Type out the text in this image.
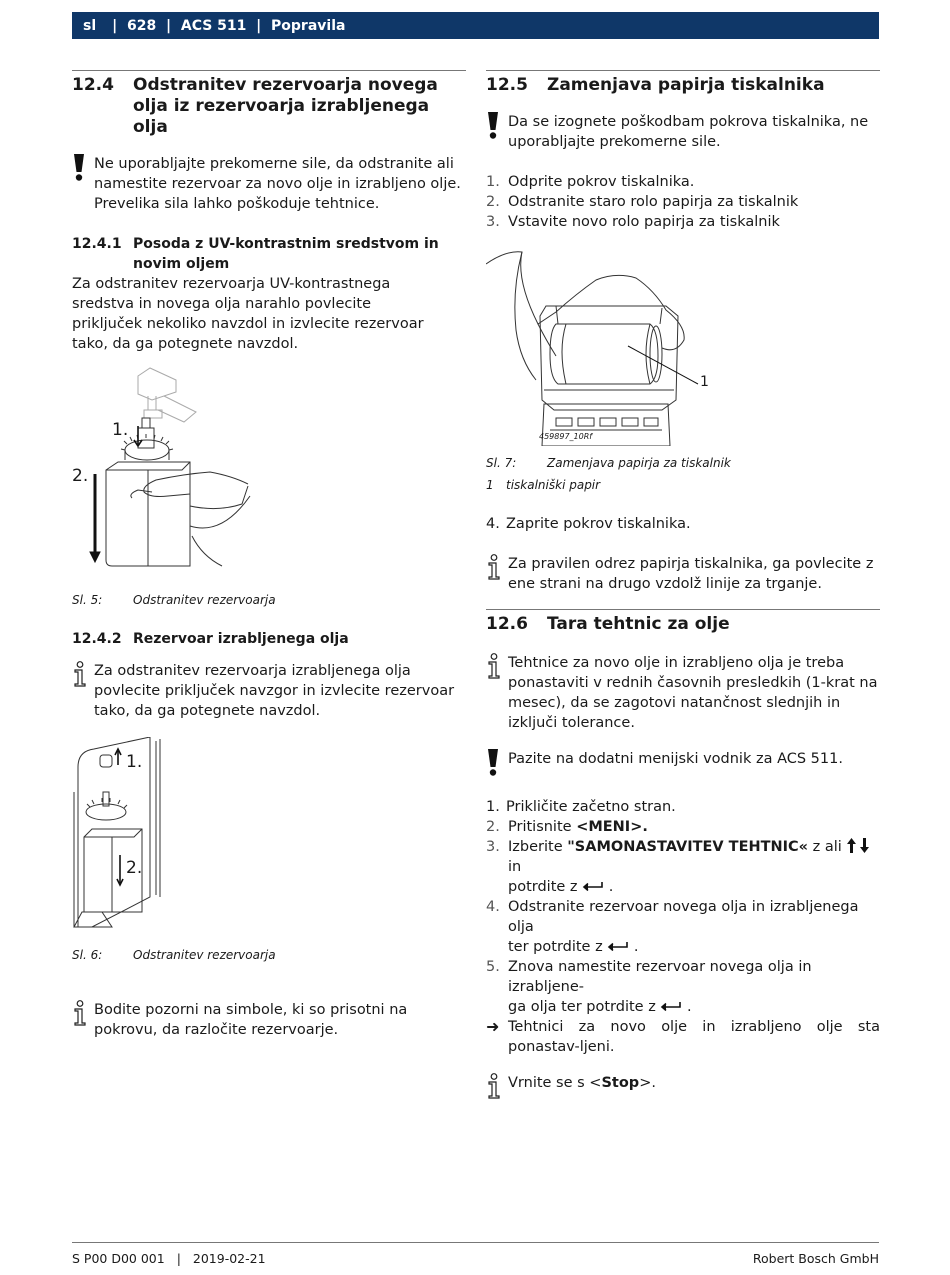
sl | 628 | ACS 511 | Popravila
12.4	Odstranitev rezervoarja novega olja iz rezervoarja izrabljenega olja
Ne uporabljajte prekomerne sile, da odstranite ali namestite rezervoar za novo olje in izrabljeno olje. Prevelika sila lahko poškoduje tehtnice.
12.4.1 Posoda z UV-kontrastnim sredstvom in novim oljem
Za odstranitev rezervoarja UV-kontrastnega sredstva in novega olja narahlo povlecite priključek nekoliko navzdol in izvlecite rezervoar tako, da ga potegnete navzdol.
1.
2.
Sl. 5:	Odstranitev rezervoarja
12.4.2 Rezervoar izrabljenega olja
Za odstranitev rezervoarja izrabljenega olja povlecite priključek navzgor in izvlecite rezervoar tako, da ga potegnete navzdol.
1.
2.
Sl. 6:	Odstranitev rezervoarja
Bodite pozorni na simbole, ki so prisotni na pokrovu, da razločite rezervoarje.
12.5	Zamenjava papirja tiskalnika
Da se izognete poškodbam pokrova tiskalnika, ne uporabljajte prekomerne sile.
1. Odprite pokrov tiskalnika.
2. Odstranite staro rolo papirja za tiskalnik
3. Vstavite novo rolo papirja za tiskalnik
1
459897_10Rf
Sl. 7:	Zamenjava papirja za tiskalnik
1	tiskalniški papir
4. Zaprite pokrov tiskalnika.
Za pravilen odrez papirja tiskalnika, ga povlecite z ene strani na drugo vzdolž linije za trganje.
12.6	Tara tehtnic za olje
Tehtnice za novo olje in izrabljeno olja je treba ponastaviti v rednih časovnih presledkih (1-krat na mesec), da se zagotovi natančnost slednjih in izključi tolerance.
Pazite na dodatni menijski vodnik za ACS 511.
1. Prikličite začetno stran.
2. Pritisnite <MENI>.
3. Izberite "SAMONASTAVITEV TEHTNIC« z ali
in
potrdite z
.
4. Odstranite rezervoar novega olja in izrabljenega olja
ter potrdite z
.
5. Znova namestite rezervoar novega olja in izrabljene-
ga olja ter potrdite z
.
➜ Tehtnici za novo olje in izrabljeno olje sta ponastav-ljeni.
Vrnite se s <Stop>.
S P00 D00 001 | 2019-02-21	Robert Bosch GmbH
